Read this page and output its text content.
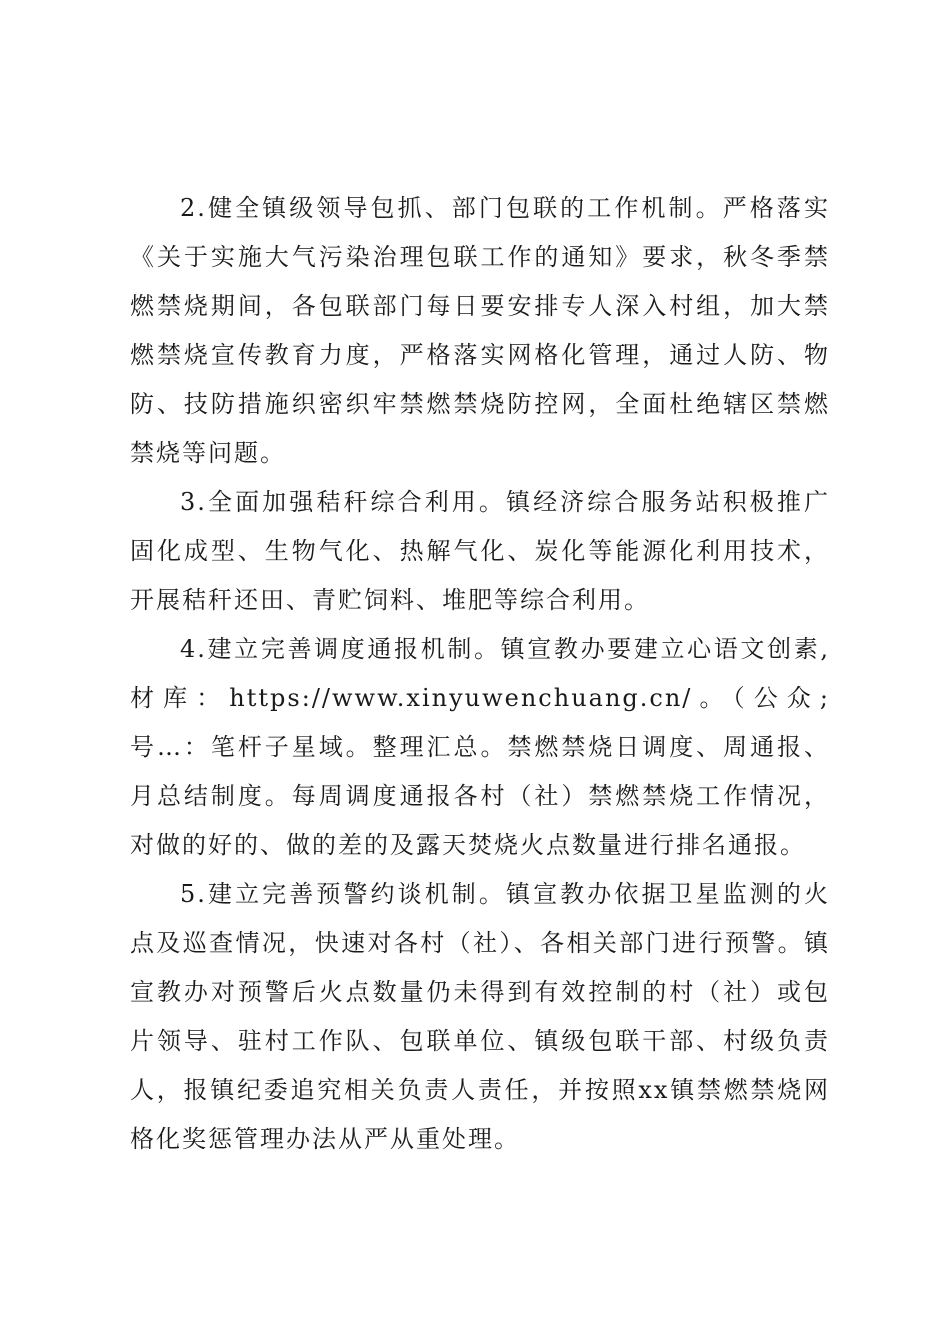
2.健全镇级领导包抓、部门包联的工作机制。严格落实《关于实施大气污染治理包联工作的通知》要求，秋冬季禁燃禁烧期间，各包联部门每日要安排专人深入村组，加大禁燃禁烧宣传教育力度，严格落实网格化管理，通过人防、物防、技防措施织密织牢禁燃禁烧防控网，全面杜绝辖区禁燃禁烧等问题。

3.全面加强秸秆综合利用。镇经济综合服务站积极推广固化成型、生物气化、热解气化、炭化等能源化利用技术，开展秸秆还田、青贮饲料、堆肥等综合利用。

4.建立完善调度通报机制。镇宣教办要建立心语文创素,材库：https://www.xinyuwenchuang.cn/。（公众;号…：笔杆子星域。整理汇总。禁燃禁烧日调度、周通报、月总结制度。每周调度通报各村（社）禁燃禁烧工作情况，对做的好的、做的差的及露天焚烧火点数量进行排名通报。

5.建立完善预警约谈机制。镇宣教办依据卫星监测的火点及巡查情况，快速对各村（社）、各相关部门进行预警。镇宣教办对预警后火点数量仍未得到有效控制的村（社）或包片领导、驻村工作队、包联单位、镇级包联干部、村级负责人，报镇纪委追究相关负责人责任，并按照xx镇禁燃禁烧网格化奖惩管理办法从严从重处理。
